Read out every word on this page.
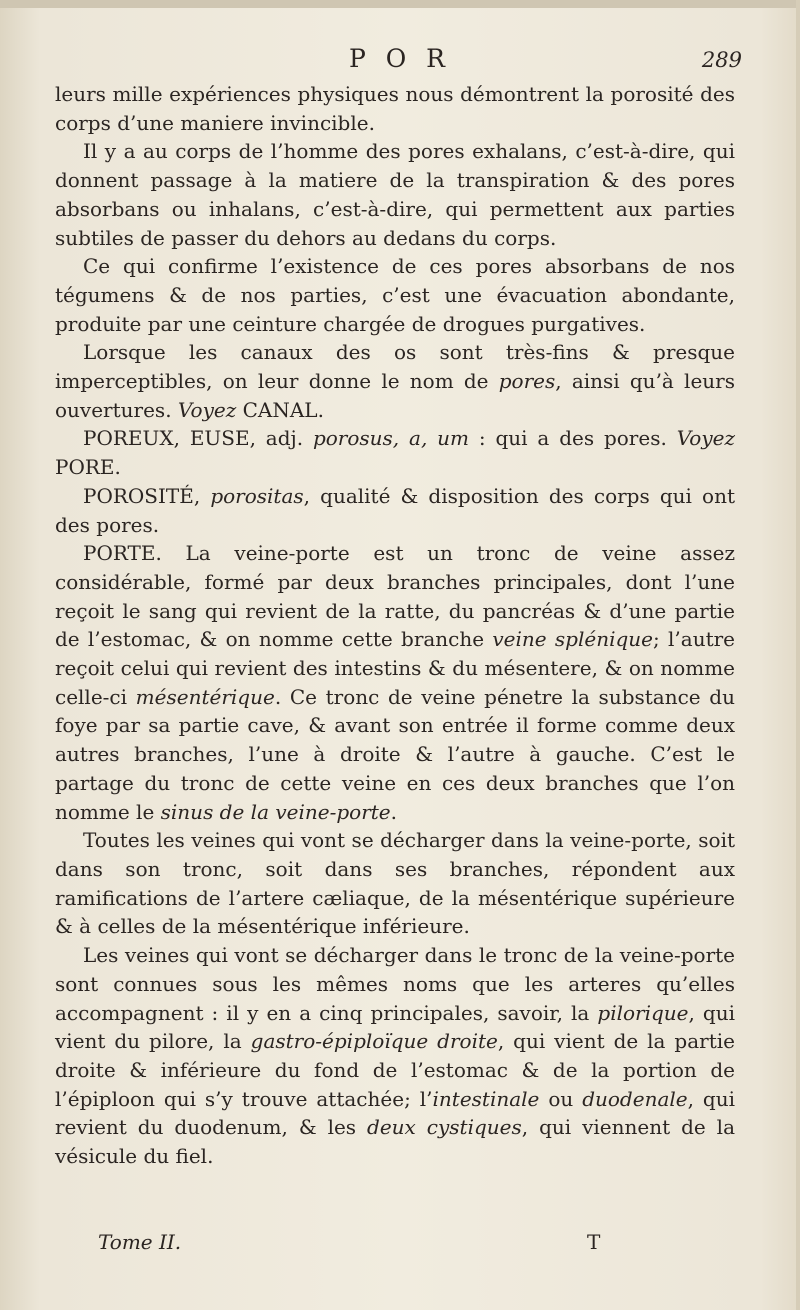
P O R	289

leurs mille expériences physiques nous démontrent la porosité des corps d’une maniere invincible.

Il y a au corps de l’homme des pores exhalans, c’est-à-dire, qui donnent passage à la matiere de la transpiration & des pores absorbans ou inhalans, c’est-à-dire, qui permettent aux parties subtiles de passer du dehors au dedans du corps.

Ce qui confirme l’existence de ces pores absorbans de nos tégumens & de nos parties, c’est une évacuation abondante, produite par une ceinture chargée de drogues purgatives.

Lorsque les canaux des os sont très-fins & presque imperceptibles, on leur donne le nom de pores, ainsi qu’à leurs ouvertures. Voyez CANAL.

POREUX, EUSE, adj. porosus, a, um : qui a des pores. Voyez PORE.

POROSITÉ, porositas, qualité & disposition des corps qui ont des pores.

PORTE. La veine-porte est un tronc de veine assez considérable, formé par deux branches principales, dont l’une reçoit le sang qui revient de la ratte, du pancréas & d’une partie de l’estomac, & on nomme cette branche veine splénique; l’autre reçoit celui qui revient des intestins & du mésentere, & on nomme celle-ci mésentérique. Ce tronc de veine pénetre la substance du foye par sa partie cave, & avant son entrée il forme comme deux autres branches, l’une à droite & l’autre à gauche. C’est le partage du tronc de cette veine en ces deux branches que l’on nomme le sinus de la veine-porte.

Toutes les veines qui vont se décharger dans la veine-porte, soit dans son tronc, soit dans ses branches, répondent aux ramifications de l’artere cæliaque, de la mésentérique supérieure & à celles de la mésentérique inférieure.

Les veines qui vont se décharger dans le tronc de la veine-porte sont connues sous les mêmes noms que les arteres qu’elles accompagnent : il y en a cinq principales, savoir, la pilorique, qui vient du pilore, la gastro-épiploïque droite, qui vient de la partie droite & inférieure du fond de l’estomac & de la portion de l’épiploon qui s’y trouve attachée; l’intestinale ou duodenale, qui revient du duodenum, & les deux cystiques, qui viennent de la vésicule du fiel.

Tome II.	T
